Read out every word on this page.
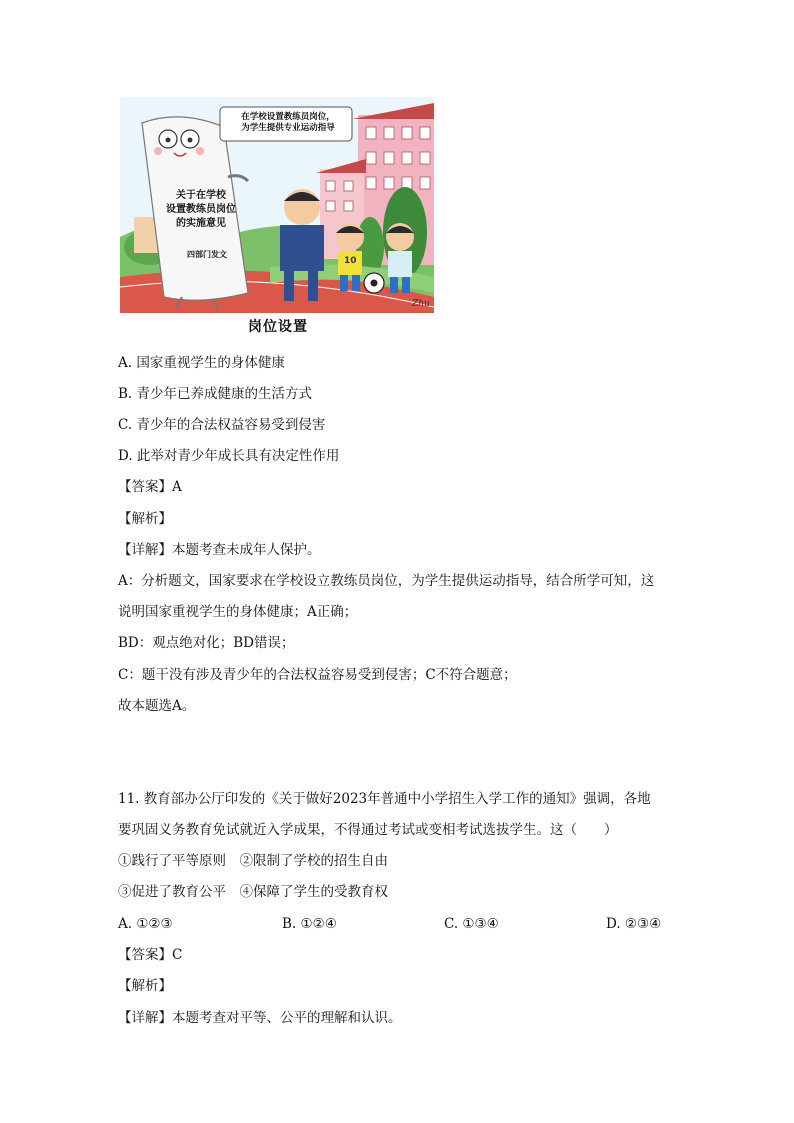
在学校设置教练员岗位，
为学生提供专业运动指导
关于在学校
设置教练员岗位
的实施意见
四部门发文
10
Zhu
岗位设置
A. 国家重视学生的身体健康
B. 青少年已养成健康的生活方式
C. 青少年的合法权益容易受到侵害
D. 此举对青少年成长具有决定性作用
【答案】A
【解析】
【详解】本题考查未成年人保护。
A：分析题文，国家要求在学校设立教练员岗位，为学生提供运动指导，结合所学可知，这
说明国家重视学生的身体健康；A正确；
BD：观点绝对化；BD错误；
C：题干没有涉及青少年的合法权益容易受到侵害；C不符合题意；
故本题选A。
11. 教育部办公厅印发的《关于做好2023年普通中小学招生入学工作的通知》强调，各地
要巩固义务教育免试就近入学成果，不得通过考试或变相考试选拔学生。这（　　）
①践行了平等原则　②限制了学校的招生自由
③促进了教育公平　④保障了学生的受教育权
A. ①②③	B. ①②④	C. ①③④	D. ②③④
【答案】C
【解析】
【详解】本题考查对平等、公平的理解和认识。
